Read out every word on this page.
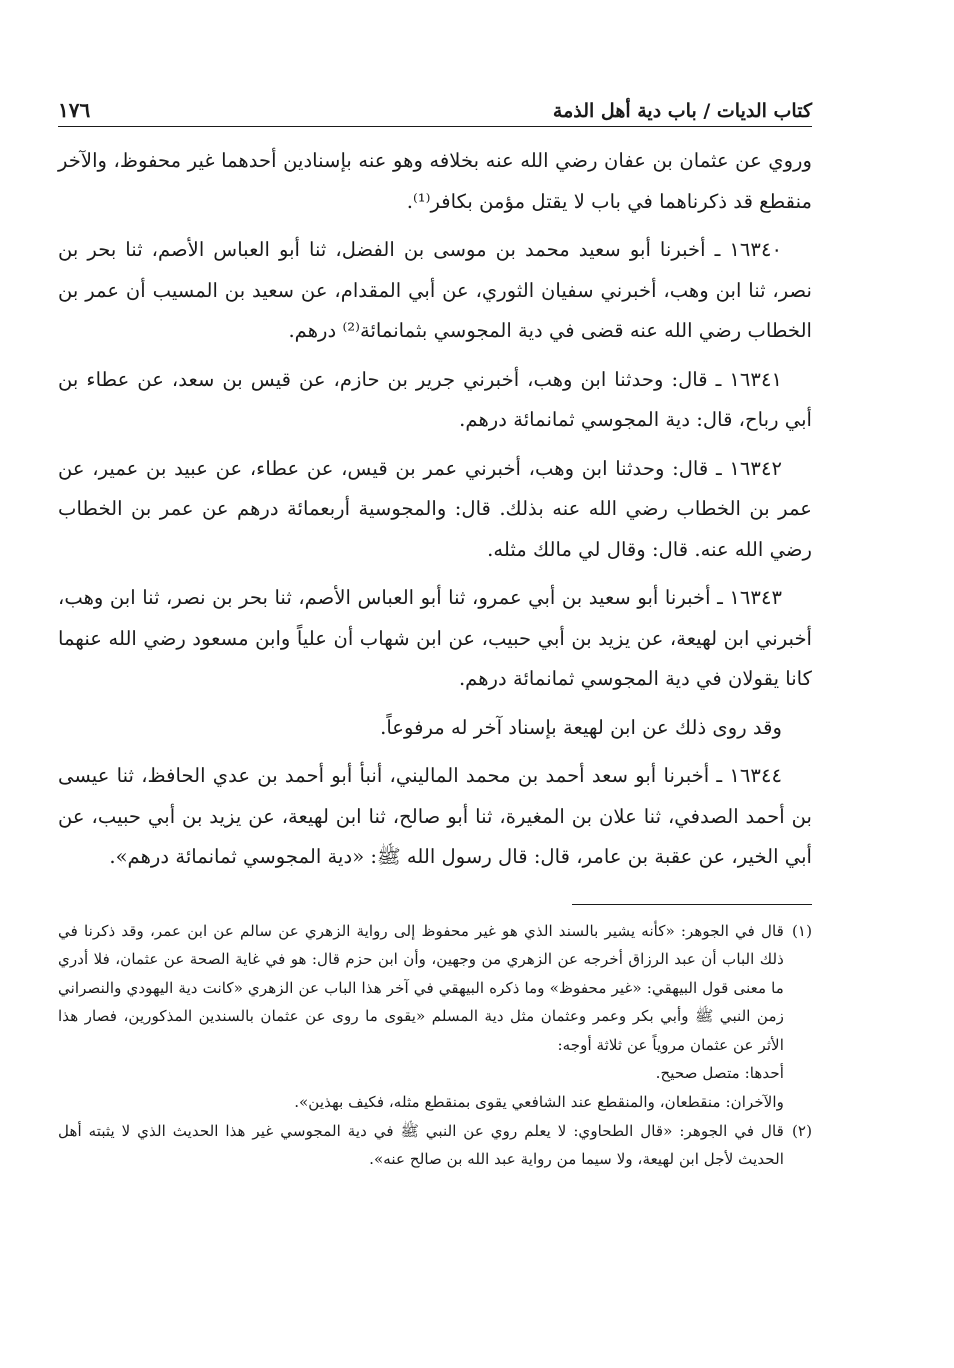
كتاب الديات / باب دية أهل الذمة
١٧٦

وروي عن عثمان بن عفان رضي الله عنه بخلافه وهو عنه بإسنادين أحدهما غير محفوظ، والآخر منقطع قد ذكرناهما في باب لا يقتل مؤمن بكافر⁽¹⁾.

١٦٣٤٠ ـ أخبرنا أبو سعيد محمد بن موسى بن الفضل، ثنا أبو العباس الأصم، ثنا بحر بن نصر، ثنا ابن وهب، أخبرني سفيان الثوري، عن أبي المقدام، عن سعيد بن المسيب أن عمر بن الخطاب رضي الله عنه قضى في دية المجوسي بثمانمائة⁽²⁾ درهم.

١٦٣٤١ ـ قال: وحدثنا ابن وهب، أخبرني جرير بن حازم، عن قيس بن سعد، عن عطاء بن أبي رباح، قال: دية المجوسي ثمانمائة درهم.

١٦٣٤٢ ـ قال: وحدثنا ابن وهب، أخبرني عمر بن قيس، عن عطاء، عن عبيد بن عمير، عن عمر بن الخطاب رضي الله عنه بذلك. قال: والمجوسية أربعمائة درهم عن عمر بن الخطاب رضي الله عنه. قال: وقال لي مالك مثله.

١٦٣٤٣ ـ أخبرنا أبو سعيد بن أبي عمرو، ثنا أبو العباس الأصم، ثنا بحر بن نصر، ثنا ابن وهب، أخبرني ابن لهيعة، عن يزيد بن أبي حبيب، عن ابن شهاب أن علياً وابن مسعود رضي الله عنهما كانا يقولان في دية المجوسي ثمانمائة درهم.

وقد روى ذلك عن ابن لهيعة بإسناد آخر له مرفوعاً.

١٦٣٤٤ ـ أخبرنا أبو سعد أحمد بن محمد الماليني، أنبأ أبو أحمد بن عدي الحافظ، ثنا عيسى بن أحمد الصدفي، ثنا علان بن المغيرة، ثنا أبو صالح، ثنا ابن لهيعة، عن يزيد بن أبي حبيب، عن أبي الخير، عن عقبة بن عامر، قال: قال رسول الله ﷺ: «دية المجوسي ثمانمائة درهم».

(١)
قال في الجوهر: «كأنه يشير بالسند الذي هو غير محفوظ إلى رواية الزهري عن سالم عن ابن عمر، وقد ذكرنا في ذلك الباب أن عبد الرزاق أخرجه عن الزهري من وجهين، وأن ابن حزم قال: هو في غاية الصحة عن عثمان، فلا أدري ما معنى قول البيهقي: «غير محفوظ» وما ذكره البيهقي في آخر هذا الباب عن الزهري «كانت دية اليهودي والنصراني زمن النبي ﷺ وأبي بكر وعمر وعثمان مثل دية المسلم «يقوى ما روى عن عثمان بالسندين المذكورين، فصار هذا الأثر عن عثمان مروياً عن ثلاثة أوجه:
أحدها: متصل صحيح.
والآخران: منقطعان، والمنقطع عند الشافعي يقوى بمنقطع مثله، فكيف بهذين».
(٢)
قال في الجوهر: «قال الطحاوي: لا يعلم روي عن النبي ﷺ في دية المجوسي غير هذا الحديث الذي لا يثبته أهل الحديث لأجل ابن لهيعة، ولا سيما من رواية عبد الله بن صالح عنه».
